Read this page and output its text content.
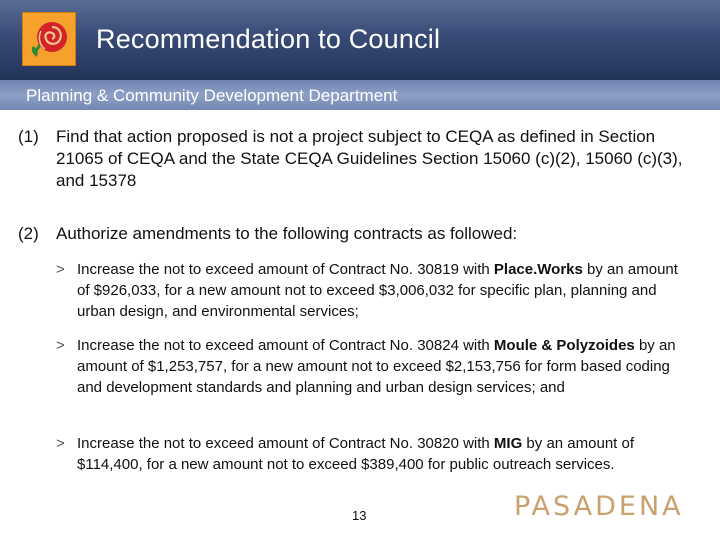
Recommendation to Council
Planning & Community Development Department
(1) Find that action proposed is not a project subject to CEQA as defined in Section 21065 of CEQA and the State CEQA Guidelines Section 15060 (c)(2), 15060 (c)(3), and 15378
(2) Authorize amendments to the following contracts as followed:
> Increase the not to exceed amount of Contract No. 30819 with Place.Works by an amount of $926,033, for a new amount not to exceed $3,006,032 for specific plan, planning and urban design, and environmental services;
> Increase the not to exceed amount of Contract No. 30824 with Moule & Polyzoides by an amount of $1,253,757, for a new amount not to exceed $2,153,756 for form based coding and development standards and planning and urban design services; and
> Increase the not to exceed amount of Contract No. 30820 with MIG by an amount of $114,400, for a new amount not to exceed $389,400 for public outreach services.
13	PASADENA
